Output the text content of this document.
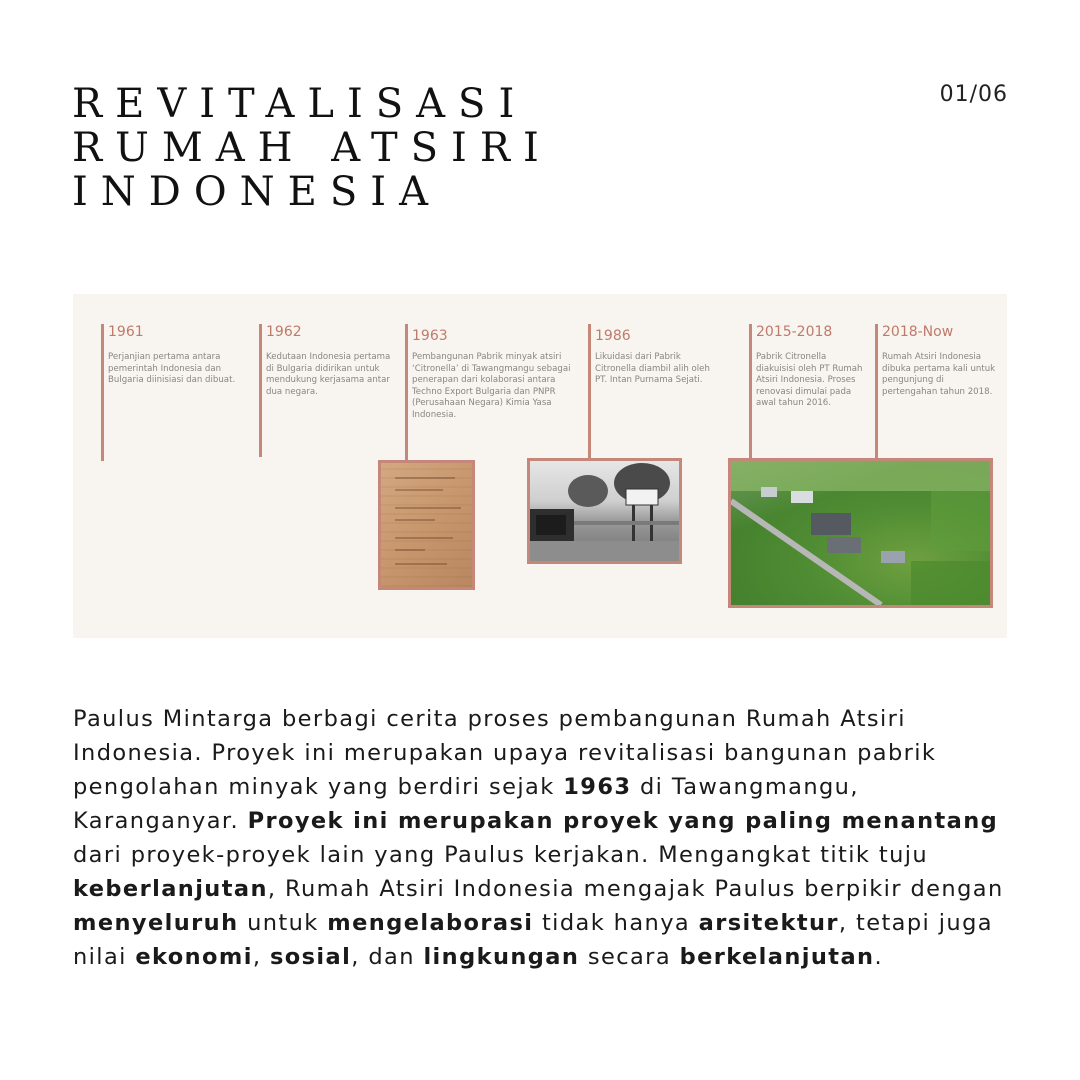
REVITALISASI
RUMAH ATSIRI
INDONESIA
01/06
1961
Perjanjian pertama antara pemerintah Indonesia dan Bulgaria diinisiasi dan dibuat.
1962
Kedutaan Indonesia pertama di Bulgaria didirikan untuk mendukung kerjasama antar dua negara.
1963
Pembangunan Pabrik minyak atsiri ‘Citronella’ di Tawangmangu sebagai penerapan dari kolaborasi antara Techno Export Bulgaria dan PNPR (Perusahaan Negara) Kimia Yasa Indonesia.
1986
Likuidasi dari Pabrik Citronella diambil alih oleh PT. Intan Purnama Sejati.
2015-2018
Pabrik Citronella diakuisisi oleh PT Rumah Atsiri Indonesia. Proses renovasi dimulai pada awal tahun 2016.
2018-Now
Rumah Atsiri Indonesia dibuka pertama kali untuk pengunjung di pertengahan tahun 2018.

Paulus Mintarga berbagi cerita proses pembangunan Rumah Atsiri Indonesia. Proyek ini merupakan upaya revitalisasi bangunan pabrik pengolahan minyak yang berdiri sejak 1963 di Tawangmangu, Karanganyar. Proyek ini merupakan proyek yang paling menantang dari proyek-proyek lain yang Paulus kerjakan. Mengangkat titik tuju keberlanjutan, Rumah Atsiri Indonesia mengajak Paulus berpikir dengan menyeluruh untuk mengelaborasi tidak hanya arsitektur, tetapi juga nilai ekonomi, sosial, dan lingkungan secara berkelanjutan.
